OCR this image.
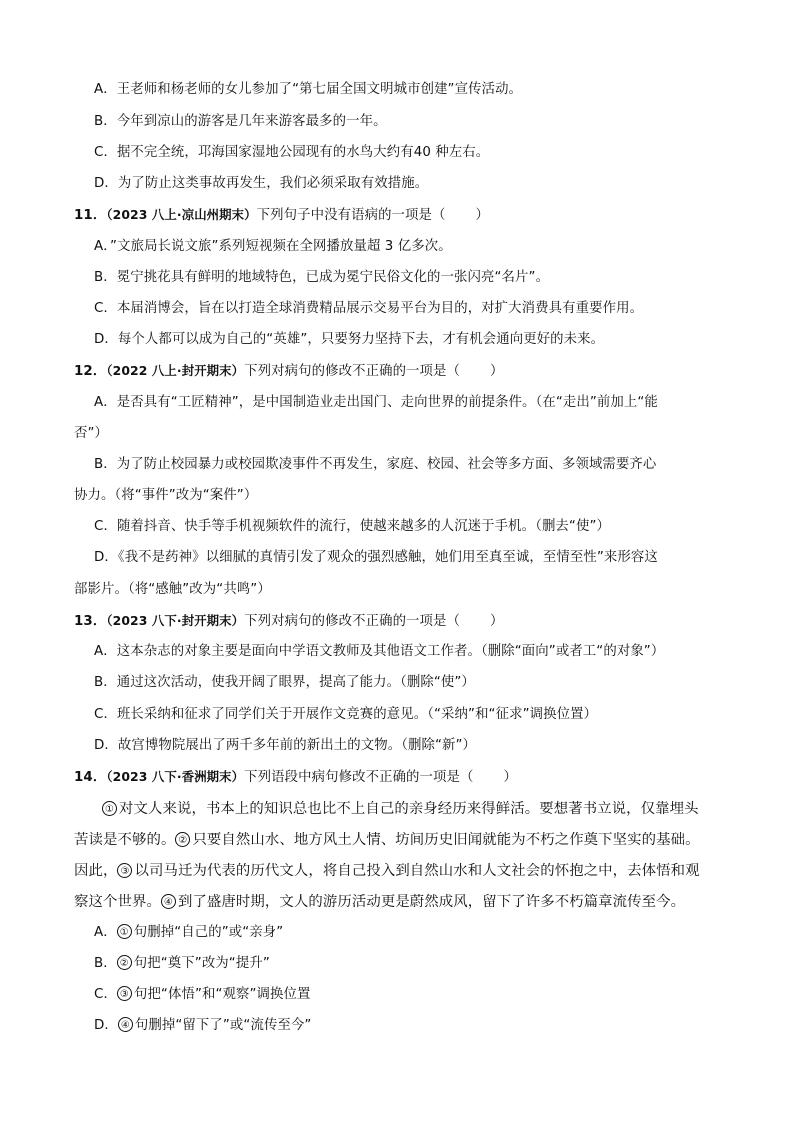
A．王老师和杨老师的女儿参加了“第七届全国文明城市创建”宣传活动。
B．今年到凉山的游客是几年来游客最多的一年。
C．据不完全统，邛海国家湿地公园现有的水鸟大约有40 种左右。
D．为了防止这类事故再发生，我们必须采取有效措施。
11．（2023 八上·凉山州期末）下列句子中没有语病的一项是（ ）
A．”文旅局长说文旅”系列短视频在全网播放量超 3 亿多次。
B．冕宁挑花具有鲜明的地域特色，已成为冕宁民俗文化的一张闪亮“名片”。
C．本届消博会，旨在以打造全球消费精品展示交易平台为目的，对扩大消费具有重要作用。
D．每个人都可以成为自己的“英雄”，只要努力坚持下去，才有机会通向更好的未来。
12．（2022 八上·封开期末）下列对病句的修改不正确的一项是（ ）
A．是否具有“工匠精神”，是中国制造业走出国门、走向世界的前提条件。（在“走出”前加上“能
否”）
B．为了防止校园暴力或校园欺凌事件不再发生，家庭、校园、社会等多方面、多领域需要齐心
协力。（将“事件”改为“案件”）
C．随着抖音、快手等手机视频软件的流行，使越来越多的人沉迷于手机。（删去“使”）
D．《我不是药神》以细腻的真情引发了观众的强烈感触，她们用至真至诚，至情至性”来形容这
部影片。（将“感触”改为“共鸣”）
13．（2023 八下·封开期末）下列对病句的修改不正确的一项是（ ）
A．这本杂志的对象主要是面向中学语文教师及其他语文工作者。（删除“面向”或者工“的对象”）
B．通过这次活动，使我开阔了眼界，提高了能力。（删除“使”）
C．班长采纳和征求了同学们关于开展作文竞赛的意见。（“采纳”和“征求”调换位置）
D．故宫博物院展出了两千多年前的新出土的文物。（删除“新”）
14．（2023 八下·香洲期末）下列语段中病句修改不正确的一项是（ ）
① 对文人来说，书本上的知识总也比不上自己的亲身经历来得鲜活。要想著书立说，仅靠埋头
苦读是不够的。 ② 只要自然山水、地方风土人情、坊间历史旧闻就能为不朽之作奠下坚实的基础。
因此， ③ 以司马迁为代表的历代文人，将自己投入到自然山水和人文社会的怀抱之中，去体悟和观
察这个世界。 ④ 到了盛唐时期，文人的游历活动更是蔚然成风，留下了许多不朽篇章流传至今。
A． ① 句删掉“自己的”或“亲身”
B． ② 句把“奠下”改为“提升”
C． ③ 句把“体悟”和“观察”调换位置
D． ④ 句删掉“留下了”或“流传至今”
